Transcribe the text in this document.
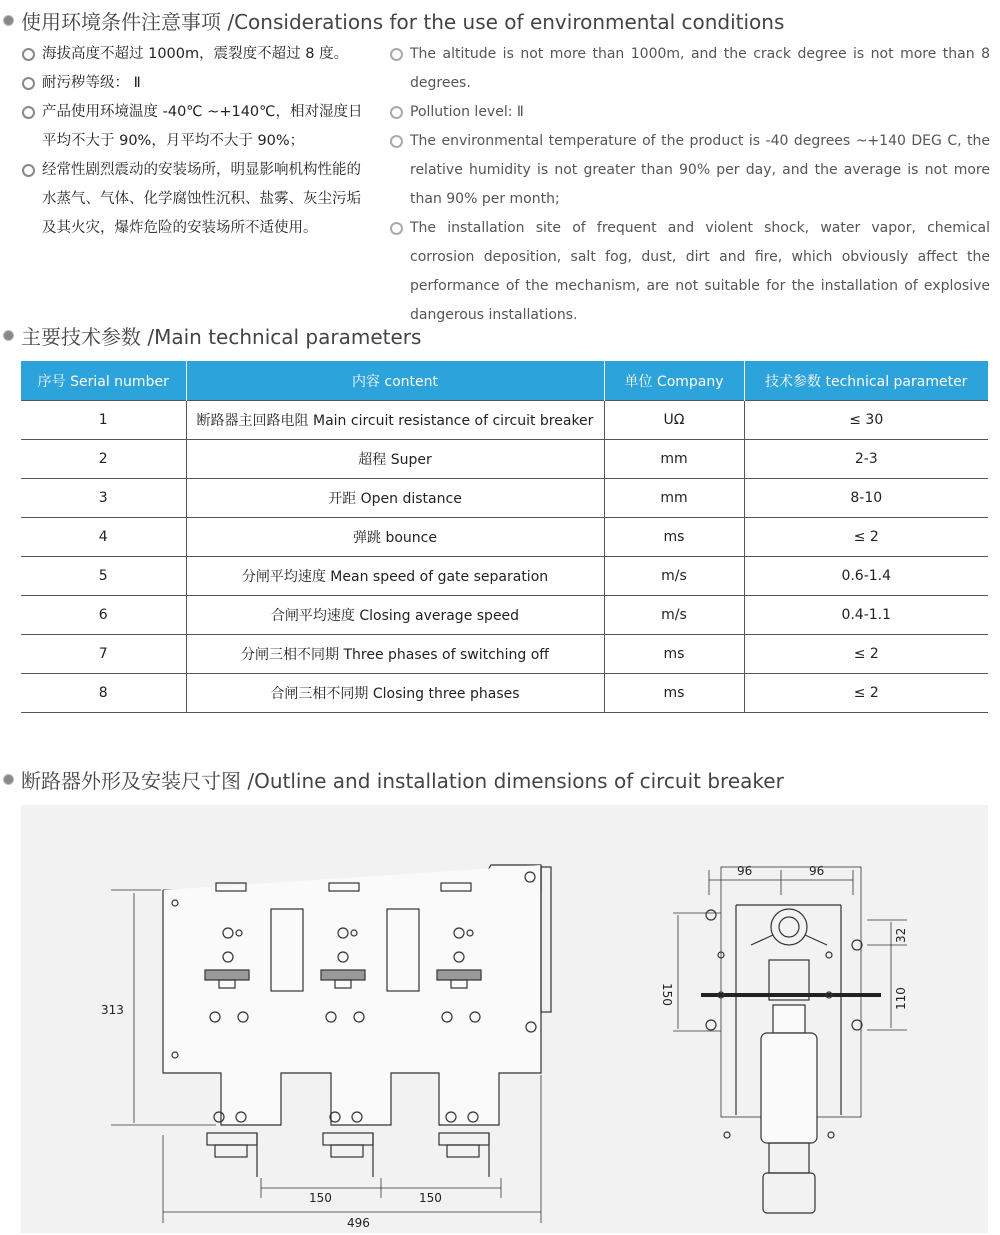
使用环境条件注意事项 /Considerations for the use of environmental conditions
海拔高度不超过 1000m，震裂度不超过 8 度。
耐污秽等级： Ⅱ
产品使用环境温度 -40℃ ~+140℃，相对湿度日平均不大于 90%，月平均不大于 90%；
经常性剧烈震动的安装场所，明显影响机构性能的水蒸气、气体、化学腐蚀性沉积、盐雾、灰尘污垢及其火灾，爆炸危险的安装场所不适使用。
The altitude is not more than 1000m, and the crack degree is not more than 8 degrees.
Pollution level: Ⅱ
The environmental temperature of the product is -40 degrees ~+140 DEG C, the relative humidity is not greater than 90% per day, and the average is not more than 90% per month;
The installation site of frequent and violent shock, water vapor, chemical corrosion deposition, salt fog, dust, dirt and fire, which obviously affect the performance of the mechanism, are not suitable for the installation of explosive dangerous installations.
主要技术参数 /Main technical parameters
序号 Serial number	内容 content	单位 Company	技术参数 technical parameter
1	断路器主回路电阻 Main circuit resistance of circuit breaker	UΩ	≤ 30
2	超程 Super	mm	2-3
3	开距 Open distance	mm	8-10
4	弹跳 bounce	ms	≤ 2
5	分闸平均速度 Mean speed of gate separation	m/s	0.6-1.4
6	合闸平均速度 Closing average speed	m/s	0.4-1.1
7	分闸三相不同期 Three phases of switching off	ms	≤ 2
8	合闸三相不同期 Closing three phases	ms	≤ 2
断路器外形及安装尺寸图 /Outline and installation dimensions of circuit breaker
313
150	150
496
96	96
150
32
110
